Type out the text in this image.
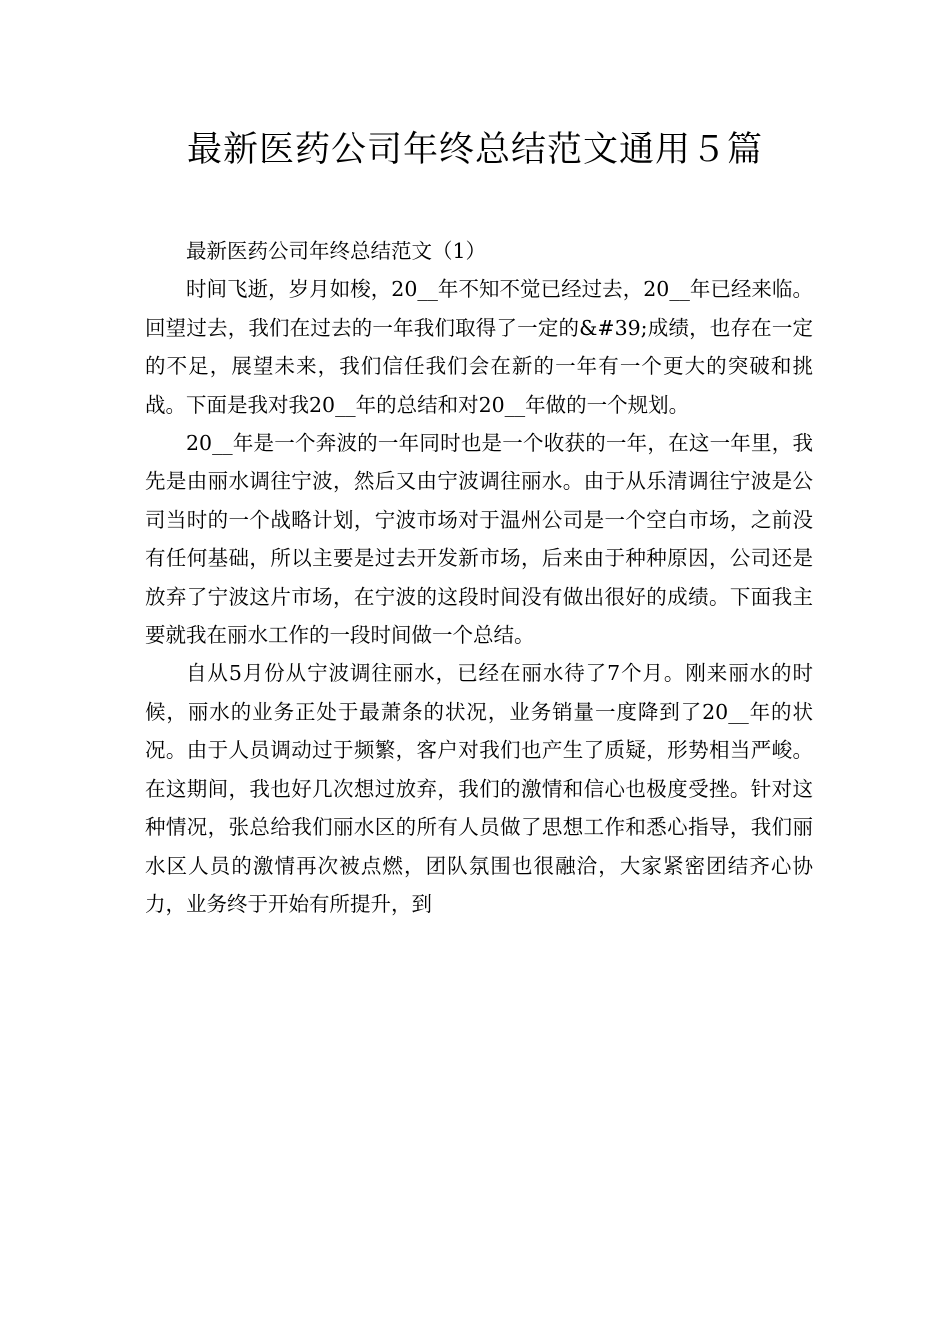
最新医药公司年终总结范文通用５篇

最新医药公司年终总结范文（1）

时间飞逝，岁月如梭，20__年不知不觉已经过去，20__年已经来临。回望过去，我们在过去的一年我们取得了一定的&#39;成绩，也存在一定的不足，展望未来，我们信任我们会在新的一年有一个更大的突破和挑战。下面是我对我20__年的总结和对20__年做的一个规划。

20__年是一个奔波的一年同时也是一个收获的一年，在这一年里，我先是由丽水调往宁波，然后又由宁波调往丽水。由于从乐清调往宁波是公司当时的一个战略计划，宁波市场对于温州公司是一个空白市场，之前没有任何基础，所以主要是过去开发新市场，后来由于种种原因，公司还是放弃了宁波这片市场，在宁波的这段时间没有做出很好的成绩。下面我主要就我在丽水工作的一段时间做一个总结。

自从5月份从宁波调往丽水，已经在丽水待了7个月。刚来丽水的时候，丽水的业务正处于最萧条的状况，业务销量一度降到了20__年的状况。由于人员调动过于频繁，客户对我们也产生了质疑，形势相当严峻。在这期间，我也好几次想过放弃，我们的激情和信心也极度受挫。针对这种情况，张总给我们丽水区的所有人员做了思想工作和悉心指导，我们丽水区人员的激情再次被点燃，团队氛围也很融洽，大家紧密团结齐心协力，业务终于开始有所提升，到
